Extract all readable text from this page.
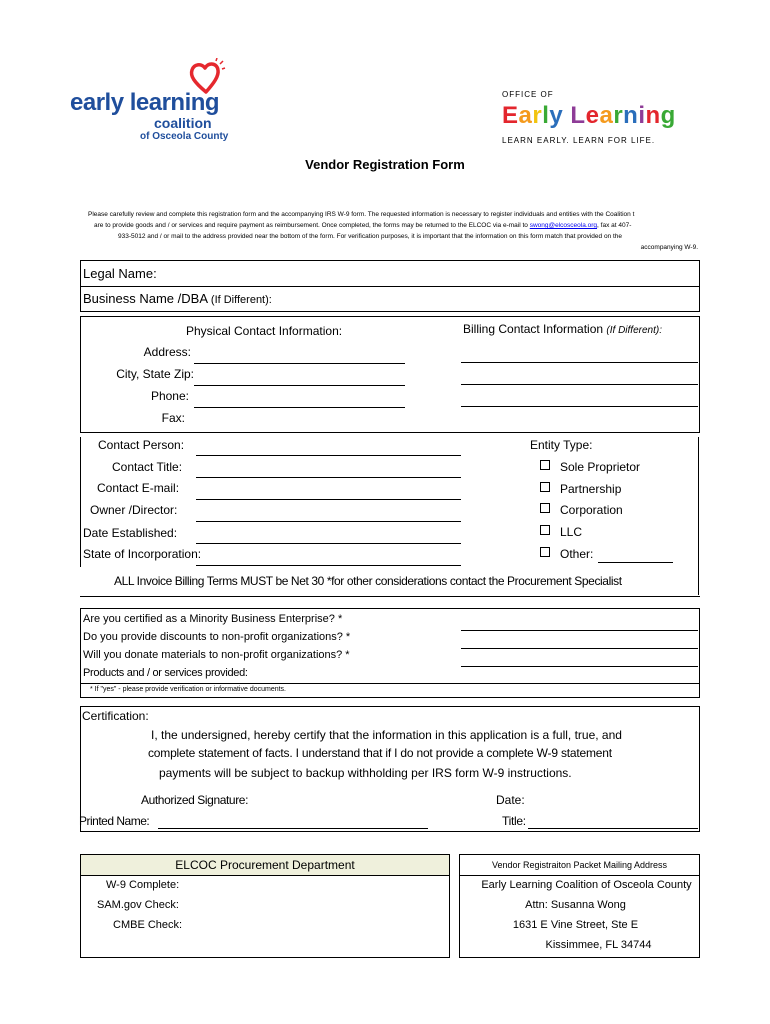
early learning
coalition
of Osceola County
OFFICE OF
Early Learning
LEARN EARLY. LEARN FOR LIFE.
Vendor Registration Form
Please carefully review and complete this registration form and the accompanying IRS W-9 form. The requested information is necessary to register individuals and entities with the Coalition t
are to provide goods and / or services and require payment as reimbursement. Once completed, the forms may be returned to the ELCOC via e-mail to swong@elcosceola.org, fax at 407-
933-5012 and / or mail to the address provided near the bottom of the form. For verification purposes, it is important that the information on this form match that provided on the
accompanying W-9.
Legal Name:
Business Name /DBA (If Different):
Physical Contact Information:	Billing Contact Information (If Different):
Address:
City, State Zip:
Phone:
Fax:
Contact Person:
Contact Title:
Contact E-mail:
Owner /Director:
Date Established:
State of Incorporation:
Entity Type:
Sole Proprietor
Partnership
Corporation
LLC
Other:
ALL Invoice Billing Terms MUST be Net 30 *for other considerations contact the Procurement Specialist
Are you certified as a Minority Business Enterprise? *
Do you provide discounts to non-profit organizations? *
Will you donate materials to non-profit organizations? *
Products and / or services provided:
* If "yes" - please provide verification or informative documents.
Certification:
I, the undersigned, hereby certify that the information in this application is a full, true, and
complete statement of facts. I understand that if I do not provide a complete W-9 statement
payments will be subject to backup withholding per IRS form W-9 instructions.
Authorized Signature:	Date:
Printed Name:	Title:
ELCOC Procurement Department
W-9 Complete:
SAM.gov Check:
CMBE Check:
Vendor Registraiton Packet Mailing Address
Early Learning Coalition of Osceola County
Attn: Susanna Wong
1631 E Vine Street, Ste E
Kissimmee, FL 34744
